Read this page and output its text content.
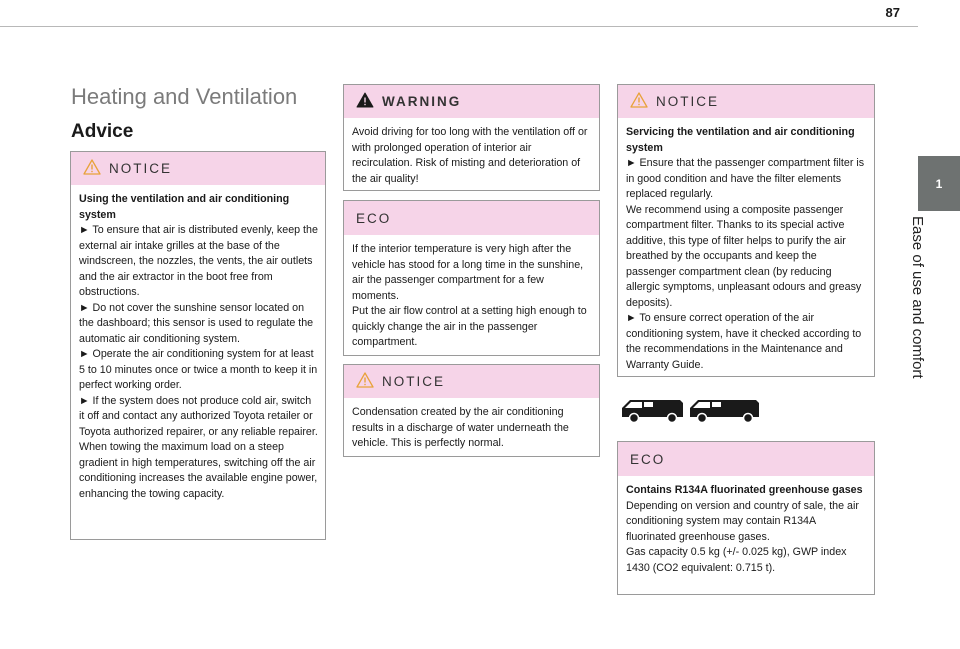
87
1
Ease of use and comfort
Heating and Ventilation
Advice
NOTICE

Using the ventilation and air conditioning system

► To ensure that air is distributed evenly, keep the external air intake grilles at the base of the windscreen, the nozzles, the vents, the air outlets and the air extractor in the boot free from obstructions.
► Do not cover the sunshine sensor located on the dashboard; this sensor is used to regulate the automatic air conditioning system.
► Operate the air conditioning system for at least 5 to 10 minutes once or twice a month to keep it in perfect working order.
► If the system does not produce cold air, switch it off and contact any authorized Toyota retailer or Toyota authorized repairer, or any reliable repairer.
When towing the maximum load on a steep gradient in high temperatures, switching off the air conditioning increases the available engine power, enhancing the towing capacity.

WARNING

Avoid driving for too long with the ventilation off or with prolonged operation of interior air recirculation. Risk of misting and deterioration of the air quality!

ECO

If the interior temperature is very high after the vehicle has stood for a long time in the sunshine, air the passenger compartment for a few moments.
Put the air flow control at a setting high enough to quickly change the air in the passenger compartment.

NOTICE

Condensation created by the air conditioning results in a discharge of water underneath the vehicle. This is perfectly normal.

NOTICE

Servicing the ventilation and air conditioning system

► Ensure that the passenger compartment filter is in good condition and have the filter elements replaced regularly.
We recommend using a composite passenger compartment filter. Thanks to its special active additive, this type of filter helps to purify the air breathed by the occupants and keep the passenger compartment clean (by reducing allergic symptoms, unpleasant odours and greasy deposits).
► To ensure correct operation of the air conditioning system, have it checked according to the recommendations in the Maintenance and Warranty Guide.

ECO

Contains R134A fluorinated greenhouse gases

Depending on version and country of sale, the air conditioning system may contain R134A fluorinated greenhouse gases.
Gas capacity 0.5 kg (+/- 0.025 kg), GWP index 1430 (CO2 equivalent: 0.715 t).
